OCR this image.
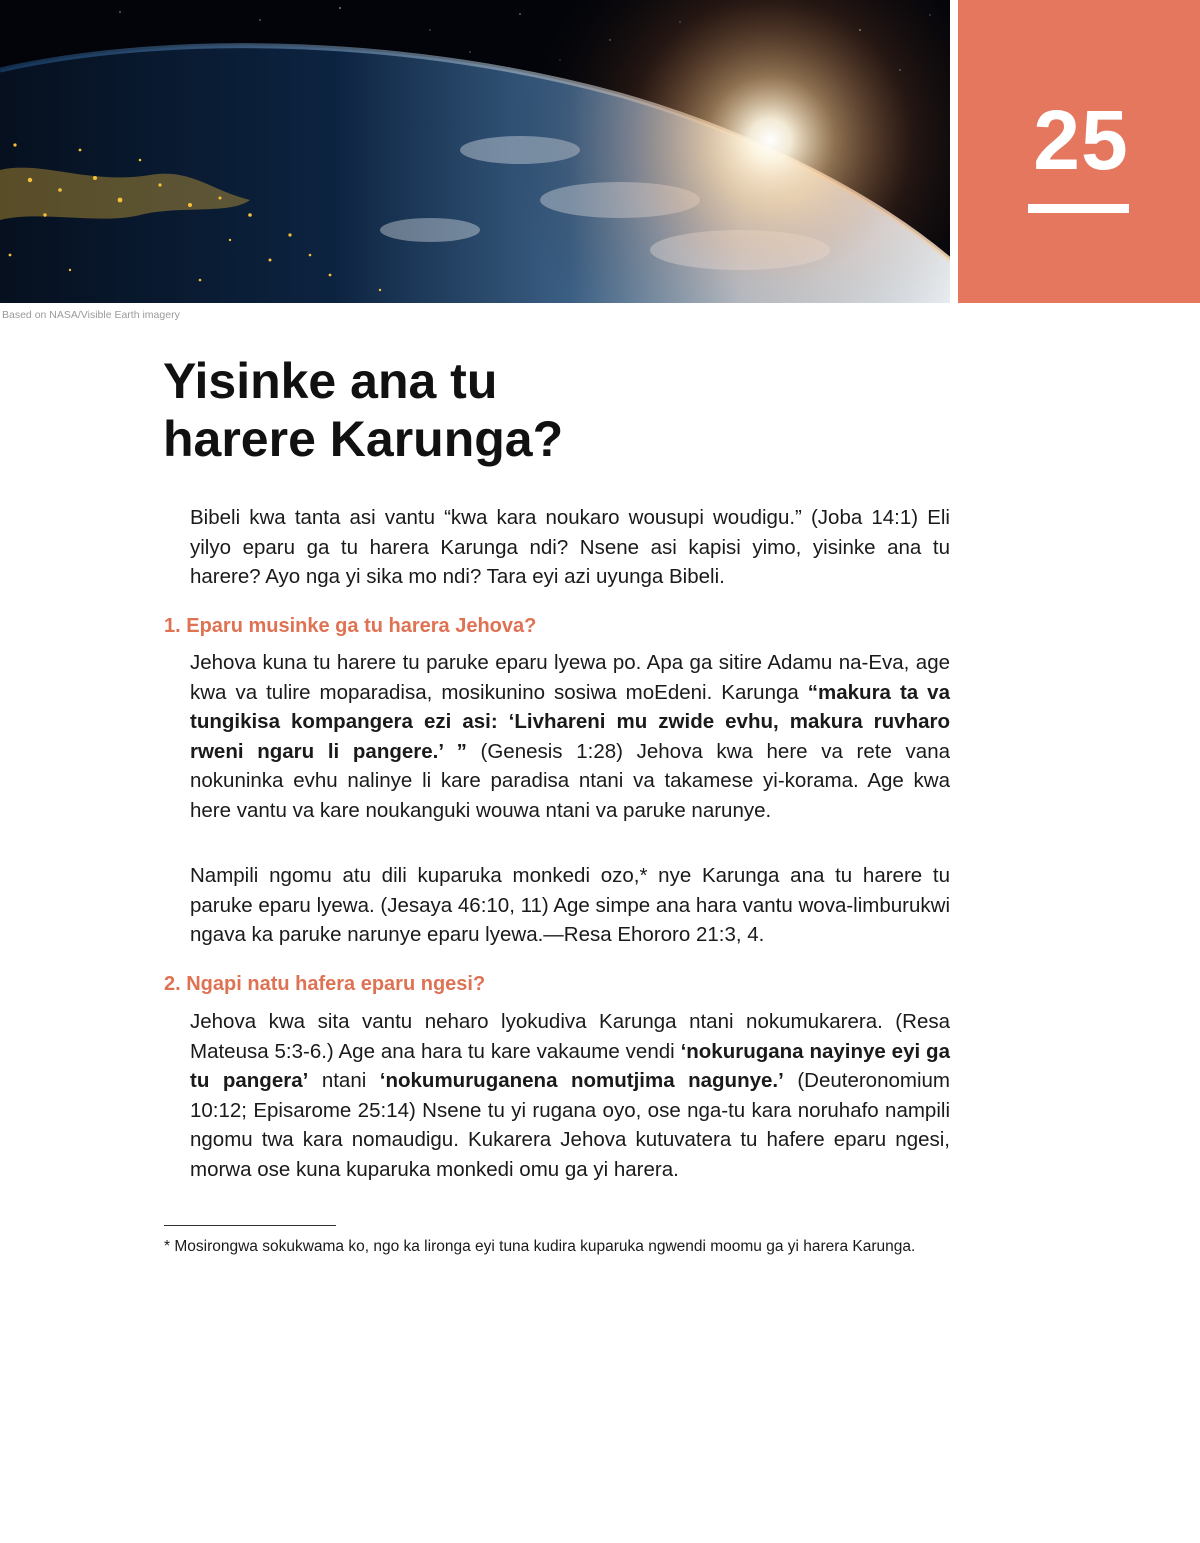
25
Based on NASA/Visible Earth imagery
Yisinke ana tu
harere Karunga?

Bibeli kwa tanta asi vantu “kwa kara noukaro wousupi woudigu.” (Joba 14:1) Eli yilyo eparu ga tu harera Karunga ndi? Nsene asi kapisi yimo, yisinke ana tu harere? Ayo nga yi sika mo ndi? Tara eyi azi uyunga Bibeli.

1. Eparu musinke ga tu harera Jehova?

Jehova kuna tu harere tu paruke eparu lyewa po. Apa ga sitire Adamu na-Eva, age kwa va tulire moparadisa, mosikunino sosiwa moEdeni. Karunga “makura ta va tungikisa kompangera ezi asi: ‘Livhareni mu zwide evhu, makura ruvharo rweni ngaru li pangere.’ ” (Genesis 1:28) Jehova kwa here va rete vana nokuninka evhu nalinye li kare paradisa ntani va takamese yi-korama. Age kwa here vantu va kare noukanguki wouwa ntani va paruke narunye.

Nampili ngomu atu dili kuparuka monkedi ozo,* nye Karunga ana tu harere tu paruke eparu lyewa. (Jesaya 46:10, 11) Age simpe ana hara vantu wova-limburukwi ngava ka paruke narunye eparu lyewa.—Resa Ehororo 21:3, 4.

2. Ngapi natu hafera eparu ngesi?

Jehova kwa sita vantu neharo lyokudiva Karunga ntani nokumukarera. (Resa Mateusa 5:3-6.) Age ana hara tu kare vakaume vendi ‘nokurugana nayinye eyi ga tu pangera’ ntani ‘nokumuruganena nomutjima nagunye.’ (Deuteronomium 10:12; Episarome 25:14) Nsene tu yi rugana oyo, ose nga-tu kara noruhafo nampili ngomu twa kara nomaudigu. Kukarera Jehova kutuvatera tu hafere eparu ngesi, morwa ose kuna kuparuka monkedi omu ga yi harera.

* Mosirongwa sokukwama ko, ngo ka lironga eyi tuna kudira kuparuka ngwendi moomu ga yi harera Karunga.
